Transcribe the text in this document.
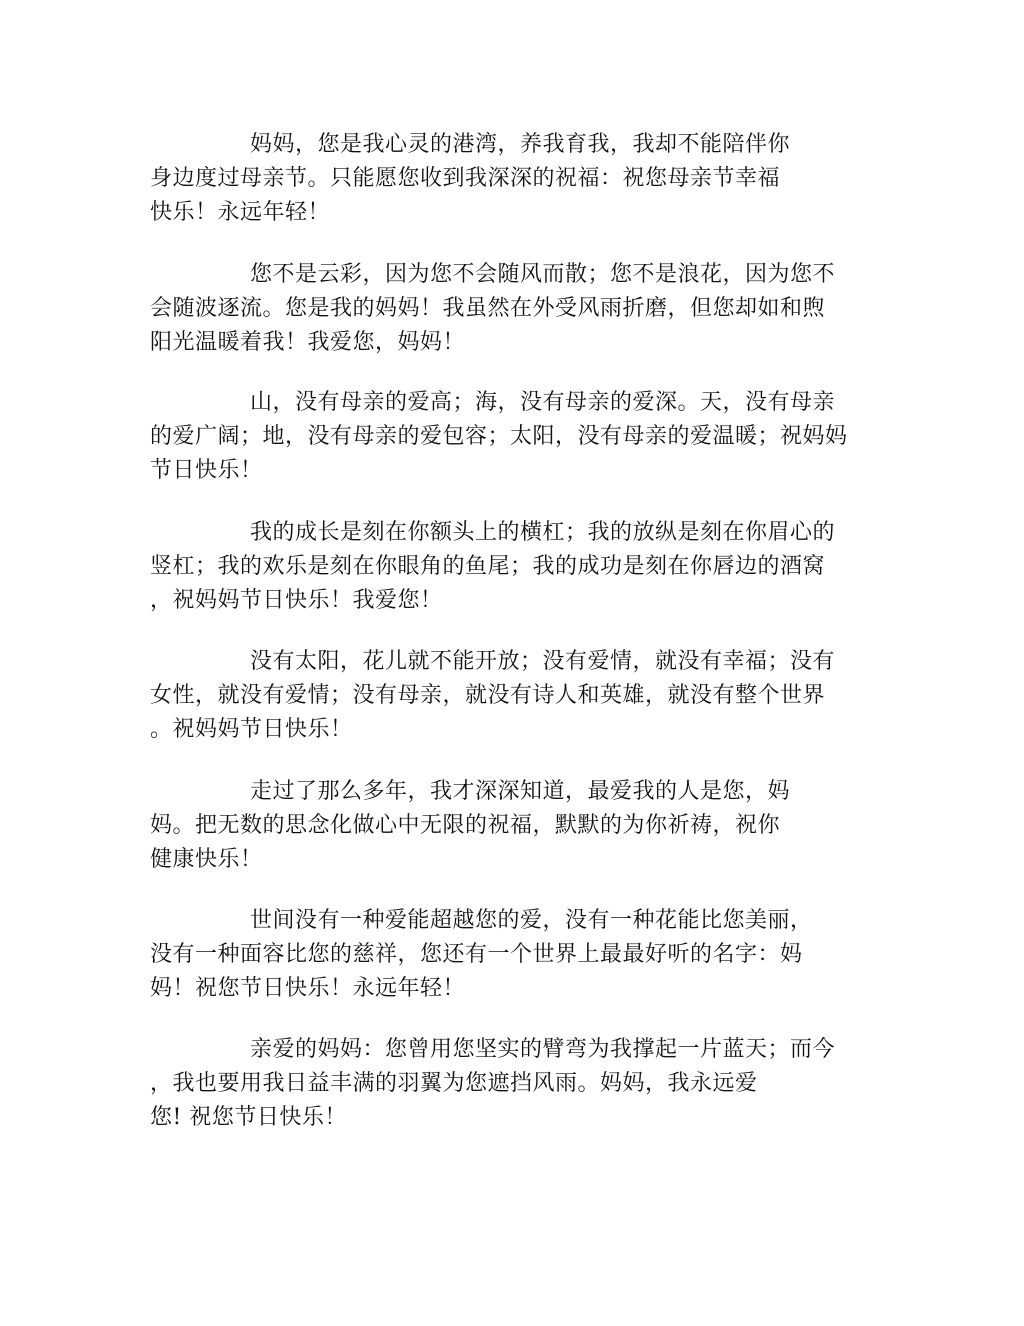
妈妈，您是我心灵的港湾，养我育我，我却不能陪伴你
身边度过母亲节。只能愿您收到我深深的祝福：祝您母亲节幸福
快乐！永远年轻！
您不是云彩，因为您不会随风而散；您不是浪花，因为您不
会随波逐流。您是我的妈妈！我虽然在外受风雨折磨，但您却如和煦
阳光温暖着我！我爱您，妈妈！
山，没有母亲的爱高；海，没有母亲的爱深。天，没有母亲
的爱广阔；地，没有母亲的爱包容；太阳，没有母亲的爱温暖；祝妈妈
节日快乐！
我的成长是刻在你额头上的横杠；我的放纵是刻在你眉心的
竖杠；我的欢乐是刻在你眼角的鱼尾；我的成功是刻在你唇边的酒窝
，祝妈妈节日快乐！我爱您！
没有太阳，花儿就不能开放；没有爱情，就没有幸福；没有
女性，就没有爱情；没有母亲，就没有诗人和英雄，就没有整个世界
。祝妈妈节日快乐！
走过了那么多年，我才深深知道，最爱我的人是您，妈
妈。把无数的思念化做心中无限的祝福，默默的为你祈祷，祝你
健康快乐！
世间没有一种爱能超越您的爱，没有一种花能比您美丽，
没有一种面容比您的慈祥，您还有一个世界上最最好听的名字：妈
妈！祝您节日快乐！永远年轻！
亲爱的妈妈：您曾用您坚实的臂弯为我撑起一片蓝天；而今
，我也要用我日益丰满的羽翼为您遮挡风雨。妈妈，我永远爱
您! 祝您节日快乐！
